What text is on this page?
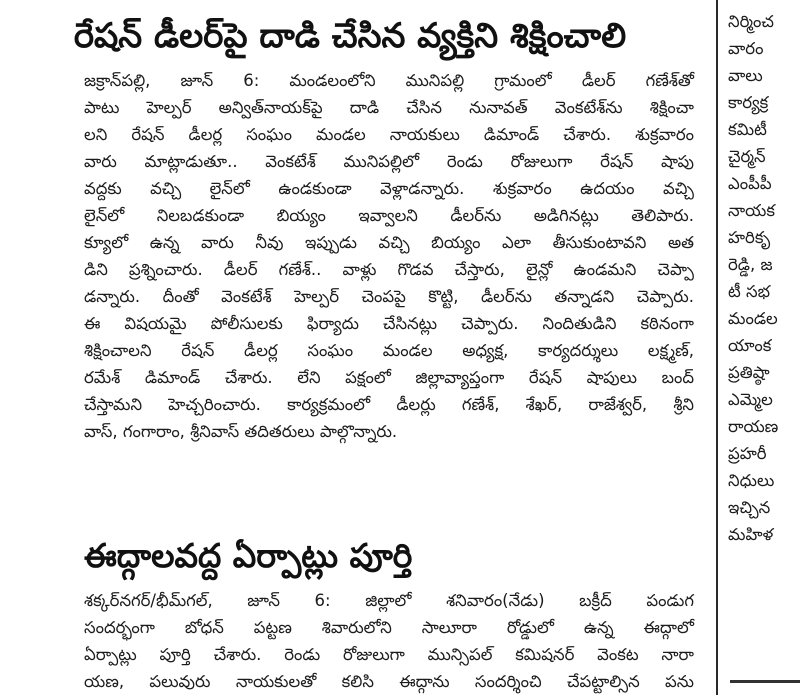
రేషన్ డీలర్‌పై దాడి చేసిన వ్యక్తిని శిక్షించాలి
జక్రాన్‌పల్లి, జూన్ 6: మండలంలోని మునిపల్లి గ్రామంలో డీలర్ గణేశ్‌తో
పాటు హెల్పర్ అన్విత్‌నాయక్‌పై దాడి చేసిన నునావత్ వెంకటేశ్‌ను శిక్షించా
లని రేషన్ డీలర్ల సంఘం మండల నాయకులు డిమాండ్ చేశారు. శుక్రవారం
వారు మాట్లాడుతూ.. వెంకటేశ్ మునిపల్లిలో రెండు రోజులుగా రేషన్ షాపు
వద్దకు వచ్చి లైన్‌లో ఉండకుండా వెళ్లాడన్నారు. శుక్రవారం ఉదయం వచ్చి
లైన్‌లో నిలబడకుండా బియ్యం ఇవ్వాలని డీలర్‌ను అడిగినట్లు తెలిపారు.
క్యూలో ఉన్న వారు నీవు ఇప్పుడు వచ్చి బియ్యం ఎలా తీసుకుంటావని అత
డిని ప్రశ్నించారు. డీలర్ గణేశ్.. వాళ్లు గొడవ చేస్తారు, లైన్లో ఉండమని చెప్పా
డన్నారు. దీంతో వెంకటేశ్ హెల్పర్ చెంపపై కొట్టి, డీలర్‌ను తన్నాడని చెప్పారు.
ఈ విషయమై పోలీసులకు ఫిర్యాదు చేసినట్లు చెప్పారు. నిందితుడిని కఠినంగా
శిక్షించాలని రేషన్ డీలర్ల సంఘం మండల అధ్యక్ష, కార్యదర్శులు లక్ష్మణ్,
రమేశ్ డిమాండ్ చేశారు. లేని పక్షంలో జిల్లావ్యాప్తంగా రేషన్ షాపులు బంద్
చేస్తామని హెచ్చరించారు. కార్యక్రమంలో డీలర్లు గణేశ్, శేఖర్, రాజేశ్వర్, శ్రీని
వాస్, గంగారాం, శ్రీనివాస్ తదితరులు పాల్గొన్నారు.
ఈద్గాలవద్ద ఏర్పాట్లు పూర్తి
శక్కర్‌నగర్/భీమ్‌గల్, జూన్ 6: జిల్లాలో శనివారం(నేడు) బక్రీద్ పండుగ
సందర్భంగా బోధన్ పట్టణ శివారులోని సాలూరా రోడ్డులో ఉన్న ఈద్గాలో
ఏర్పాట్లు పూర్తి చేశారు. రెండు రోజులుగా మున్సిపల్ కమిషనర్ వెంకట నారా
యణ, పలువురు నాయకులతో కలిసి ఈద్గాను సందర్శించి చేపట్టాల్సిన పను
నిర్మించ
వారం
వాలు
కార్యక్ర
కమిటీ
చైర్మన్
ఎంపీపీ
నాయక
హరికృ
రెడ్డి, జ
టీ సభ
మండల
యాంక
ప్రతిష్ఠా
ఎమ్మెల
రాయణ
ప్రహరీ
నిధులు
ఇచ్చిన
మహిళ
